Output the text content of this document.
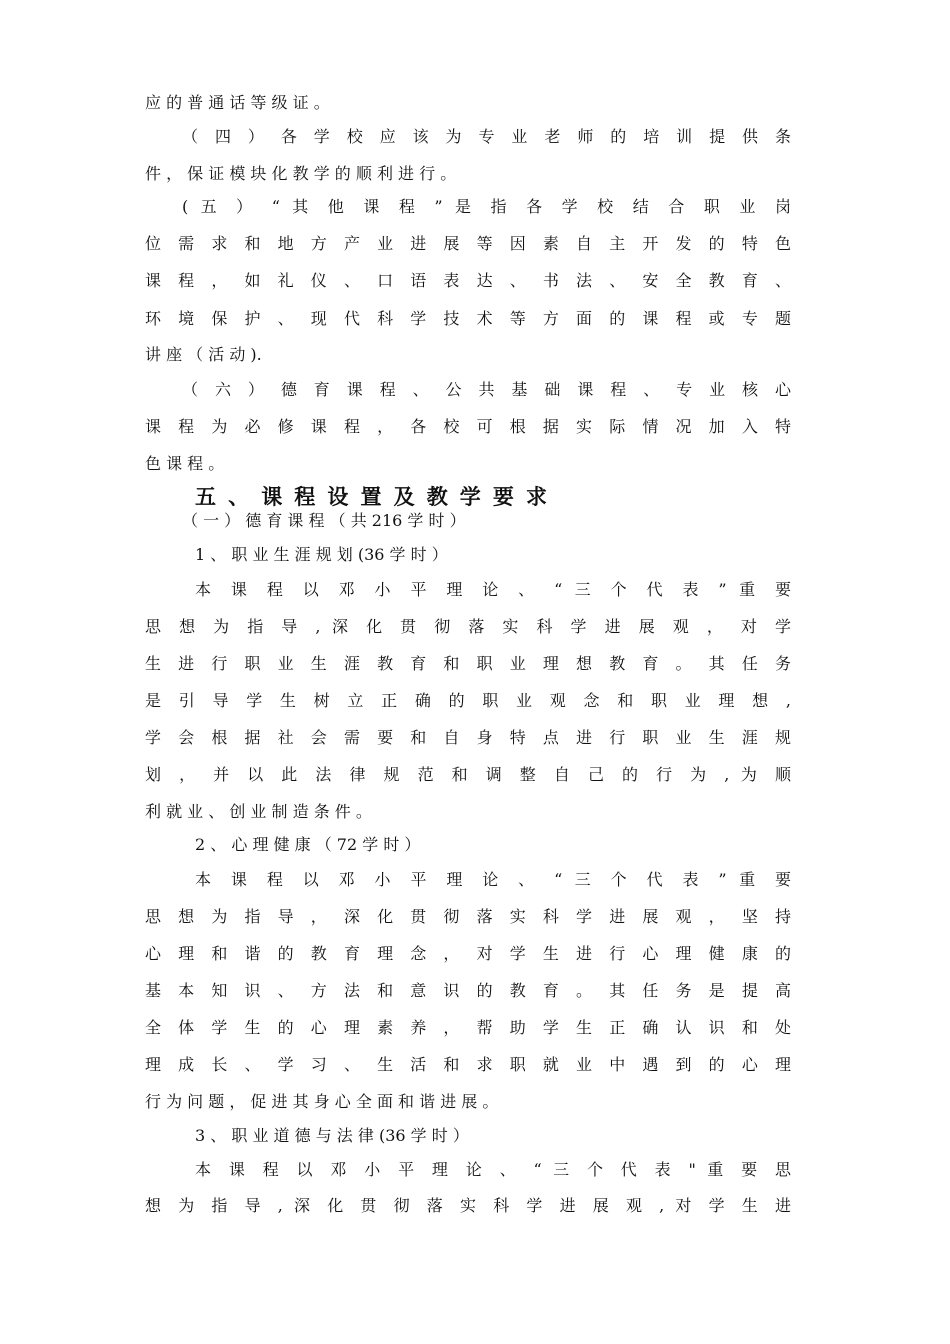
应 的 普 通 话 等 级 证 。

（ 四 ） 各 学 校 应 该 为 专 业 老 师 的 培 训 提 供 条

件 ， 保 证 模 块 化 教 学 的 顺 利 进 行 。

( 五 ） “ 其 他 课 程 ” 是 指 各 学 校 结 合 职 业 岗

位 需 求 和 地 方 产 业 进 展 等 因 素 自 主 开 发 的 特 色

课 程 ， 如 礼 仪 、 口 语 表 达 、 书 法 、 安 全 教 育 、

环 境 保 护 、 现 代 科 学 技 术 等 方 面 的 课 程 或 专 题

讲 座 （ 活 动 ).

（ 六 ） 德 育 课 程 、 公 共 基 础 课 程 、 专 业 核 心

课 程 为 必 修 课 程 ， 各 校 可 根 据 实 际 情 况 加 入 特

色 课 程 。

五 、 课 程 设 置 及 教 学 要 求

（ 一 ） 德 育 课 程 （ 共 216 学 时 ）

1 、 职 业 生 涯 规 划 (36 学 时 ）

本 课 程 以 邓 小 平 理 论 、 “ 三 个 代 表 ” 重 要

思 想 为 指 导 , 深 化 贯 彻 落 实 科 学 进 展 观 ， 对 学

生 进 行 职 业 生 涯 教 育 和 职 业 理 想 教 育 。 其 任 务

是 引 导 学 生 树 立 正 确 的 职 业 观 念 和 职 业 理 想 ,

学 会 根 据 社 会 需 要 和 自 身 特 点 进 行 职 业 生 涯 规

划 ， 并 以 此 法 律 规 范 和 调 整 自 己 的 行 为 , 为 顺

利 就 业 、 创 业 制 造 条 件 。

2 、 心 理 健 康 （ 72 学 时 ）

本 课 程 以 邓 小 平 理 论 、 “ 三 个 代 表 ” 重 要

思 想 为 指 导 ， 深 化 贯 彻 落 实 科 学 进 展 观 ， 坚 持

心 理 和 谐 的 教 育 理 念 ， 对 学 生 进 行 心 理 健 康 的

基 本 知 识 、 方 法 和 意 识 的 教 育 。 其 任 务 是 提 高

全 体 学 生 的 心 理 素 养 ， 帮 助 学 生 正 确 认 识 和 处

理 成 长 、 学 习 、 生 活 和 求 职 就 业 中 遇 到 的 心 理

行 为 问 题 ， 促 进 其 身 心 全 面 和 谐 进 展 。

3 、 职 业 道 德 与 法 律 (36 学 时 ）

本 课 程 以 邓 小 平 理 论 、 “ 三 个 代 表 " 重 要 思

想 为 指 导 , 深 化 贯 彻 落 实 科 学 进 展 观 , 对 学 生 进
